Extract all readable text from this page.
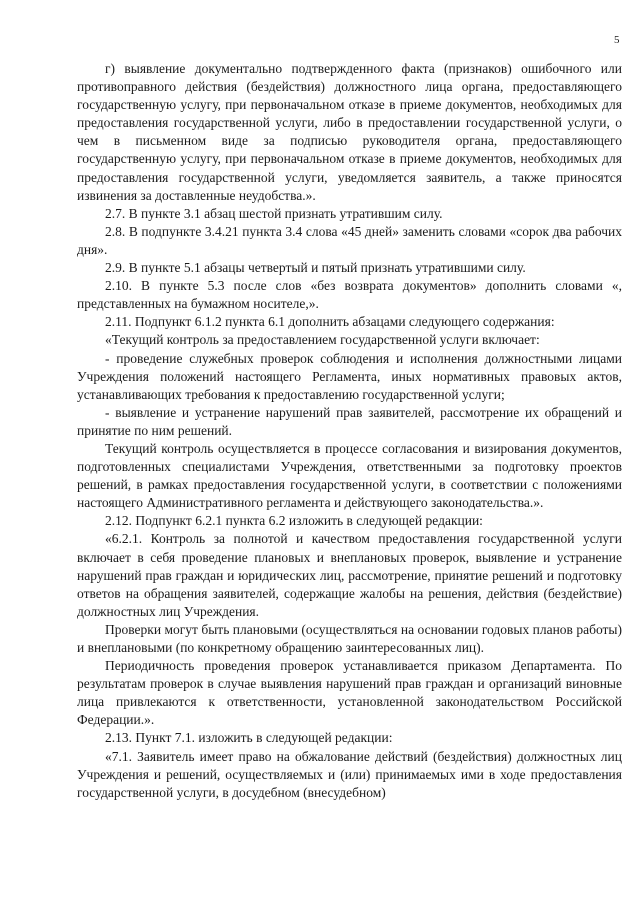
5

г) выявление документально подтвержденного факта (признаков) ошибочного или противоправного действия (бездействия) должностного лица органа, предоставляющего государственную услугу, при первоначальном отказе в приеме документов, необходимых для предоставления государственной услуги, либо в предоставлении государственной услуги, о чем в письменном виде за подписью руководителя органа, предоставляющего государственную услугу, при первоначальном отказе в приеме документов, необходимых для предоставления государственной услуги, уведомляется заявитель, а также приносятся извинения за доставленные неудобства.».

2.7. В пункте 3.1 абзац шестой признать утратившим силу.

2.8. В подпункте 3.4.21 пункта 3.4 слова «45 дней» заменить словами «сорок два рабочих дня».

2.9. В пункте 5.1 абзацы четвертый и пятый признать утратившими силу.

2.10. В пункте 5.3 после слов «без возврата документов» дополнить словами «, представленных на бумажном носителе,».

2.11. Подпункт 6.1.2 пункта 6.1 дополнить абзацами следующего содержания:

«Текущий контроль за предоставлением государственной услуги включает:

- проведение служебных проверок соблюдения и исполнения должностными лицами Учреждения положений настоящего Регламента, иных нормативных правовых актов, устанавливающих требования к предоставлению государственной услуги;

- выявление и устранение нарушений прав заявителей, рассмотрение их обращений и принятие по ним решений.

Текущий контроль осуществляется в процессе согласования и визирования документов, подготовленных специалистами Учреждения, ответственными за подготовку проектов решений, в рамках предоставления государственной услуги, в соответствии с положениями настоящего Административного регламента и действующего законодательства.».

2.12. Подпункт 6.2.1 пункта 6.2 изложить в следующей редакции:

«6.2.1. Контроль за полнотой и качеством предоставления государственной услуги включает в себя проведение плановых и внеплановых проверок, выявление и устранение нарушений прав граждан и юридических лиц, рассмотрение, принятие решений и подготовку ответов на обращения заявителей, содержащие жалобы на решения, действия (бездействие) должностных лиц Учреждения.

Проверки могут быть плановыми (осуществляться на основании годовых планов работы) и внеплановыми (по конкретному обращению заинтересованных лиц).

Периодичность проведения проверок устанавливается приказом Департамента. По результатам проверок в случае выявления нарушений прав граждан и организаций виновные лица привлекаются к ответственности, установленной законодательством Российской Федерации.».

2.13. Пункт 7.1. изложить в следующей редакции:

«7.1. Заявитель имеет право на обжалование действий (бездействия) должностных лиц Учреждения и решений, осуществляемых и (или) принимаемых ими в ходе предоставления государственной услуги, в досудебном (внесудебном)
